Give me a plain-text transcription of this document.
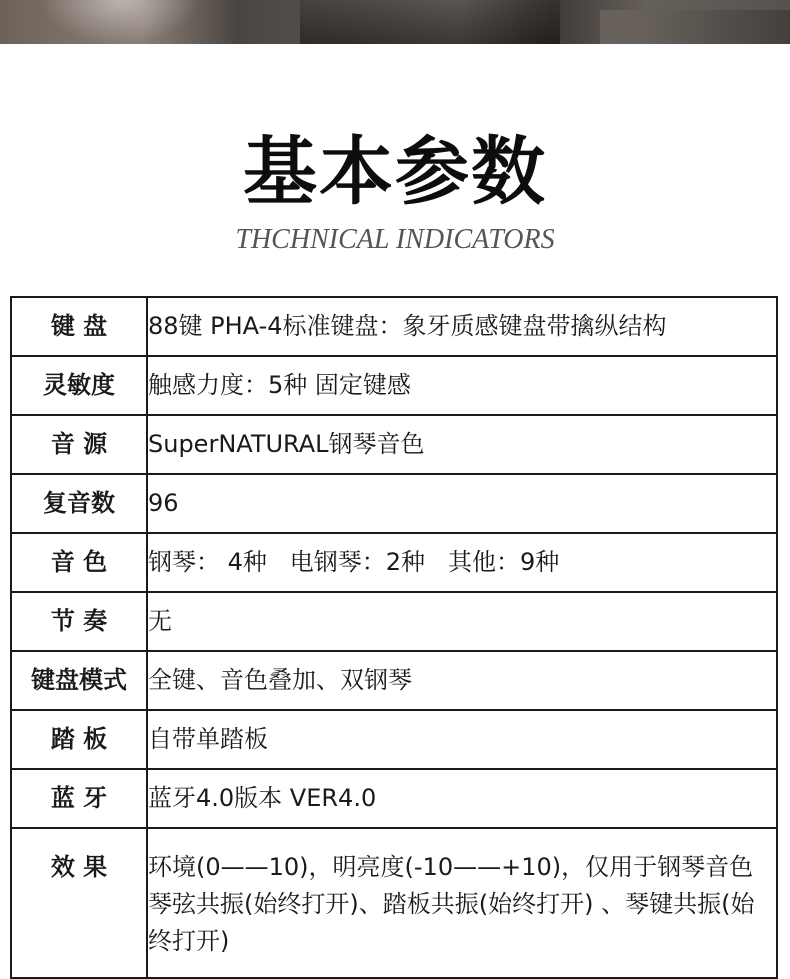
基本参数
THCHNICAL INDICATORS
键 盘	88键 PHA-4标准键盘：象牙质感键盘带擒纵结构
灵敏度	触感力度：5种 固定键感
音 源	SuperNATURAL钢琴音色
复音数	96
音 色	钢琴： 4种   电钢琴：2种   其他：9种
节 奏	无
键盘模式	全键、音色叠加、双钢琴
踏 板	自带单踏板
蓝 牙	蓝牙4.0版本 VER4.0
效 果	环境(0——10)，明亮度(-10——+10)，仅用于钢琴音色琴弦共振(始终打开)、踏板共振(始终打开) 、琴键共振(始终打开)
